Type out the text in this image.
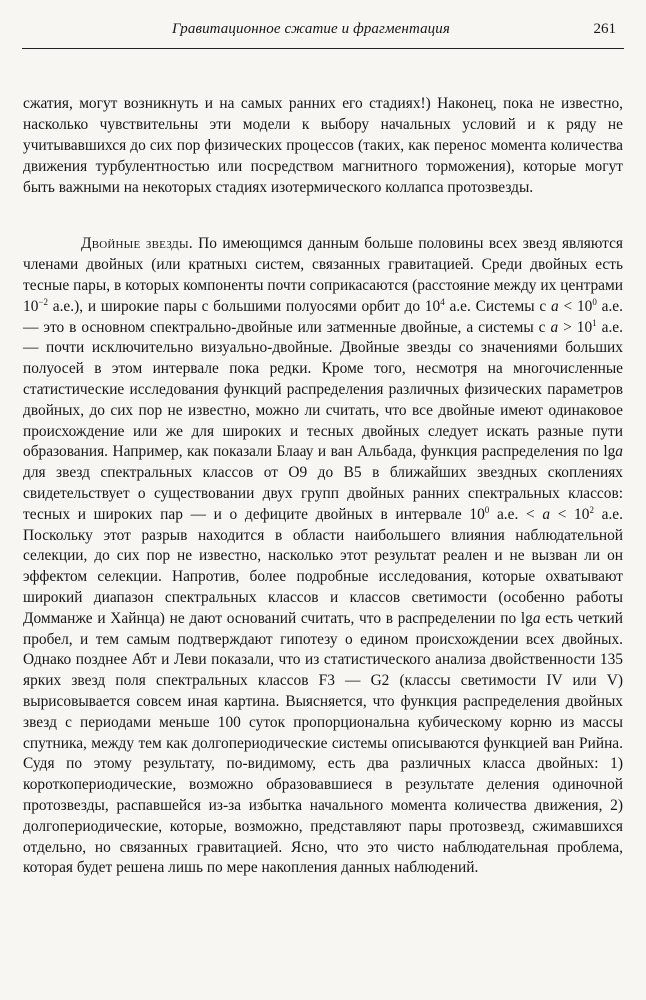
Гравитационное сжатие и фрагментация	261

сжатия, могут возникнуть и на самых ранних его стадиях!) Наконец, пока не известно, насколько чувствительны эти модели к выбору начальных условий и к ряду не учитывавшихся до сих пор физических процессов (таких, как перенос момента количества движения турбулентностью или посредством магнитного торможения), которые могут быть важными на некоторых стадиях изотермического коллапса протозвезды.

Двойные звезды. По имеющимся данным больше половины всех звезд являются членами двойных (или кратныхı систем, связанных гравитацией. Среди двойных есть тесные пары, в которых компоненты почти соприкасаются (расстояние между их центрами $10^{-2}$ а.е.), и широкие пары с большими полуосями орбит до $10^4$ а.е. Системы с $a < 10^0$ а.е. — это в основном спектрально-двойные или затменные двойные, а системы с $a > 10^1$ а.е. — почти исключительно визуально-двойные. Двойные звезды со значениями больших полуосей в этом интервале пока редки. Кроме того, несмотря на многочисленные статистические исследования функций распределения различных физических параметров двойных, до сих пор не известно, можно ли считать, что все двойные имеют одинаковое происхождение или же для широких и тесных двойных следует искать разные пути образования. Например, как показали Блаау и ван Альбада, функция распределения по lga для звезд спектральных классов от O9 до B5 в ближайших звездных скоплениях свидетельствует о существовании двух групп двойных ранних спектральных классов: тесных и широких пар — и о дефиците двойных в интервале $10^0$ а.е. < $a < 10^2$ а.е. Поскольку этот разрыв находится в области наибольшего влияния наблюдательной селекции, до сих пор не известно, насколько этот результат реален и не вызван ли он эффектом селекции. Напротив, более подробные исследования, которые охватывают широкий диапазон спектральных классов и классов светимости (особенно работы Домманже и Хайнца) не дают оснований считать, что в распределении по lga есть четкий пробел, и тем самым подтверждают гипотезу о едином происхождении всех двойных. Однако позднее Абт и Леви показали, что из статистического анализа двойственности 135 ярких звезд поля спектральных классов F3 — G2 (классы светимости IV или V) вырисовывается совсем иная картина. Выясняется, что функция распределения двойных звезд с периодами меньше 100 суток пропорциональна кубическому корню из массы спутника, между тем как долгопериодические системы описываются функцией ван Рийна. Судя по этому результату, по-видимому, есть два различных класса двойных: 1) короткопериодические, возможно образовавшиеся в результате деления одиночной протозвезды, распавшейся из-за избытка начального момента количества движения, 2) долгопериодические, которые, возможно, представляют пары протозвезд, сжимавшихся отдельно, но связанных гравитацией. Ясно, что это чисто наблюдательная проблема, которая будет решена лишь по мере накопления данных наблюдений.
